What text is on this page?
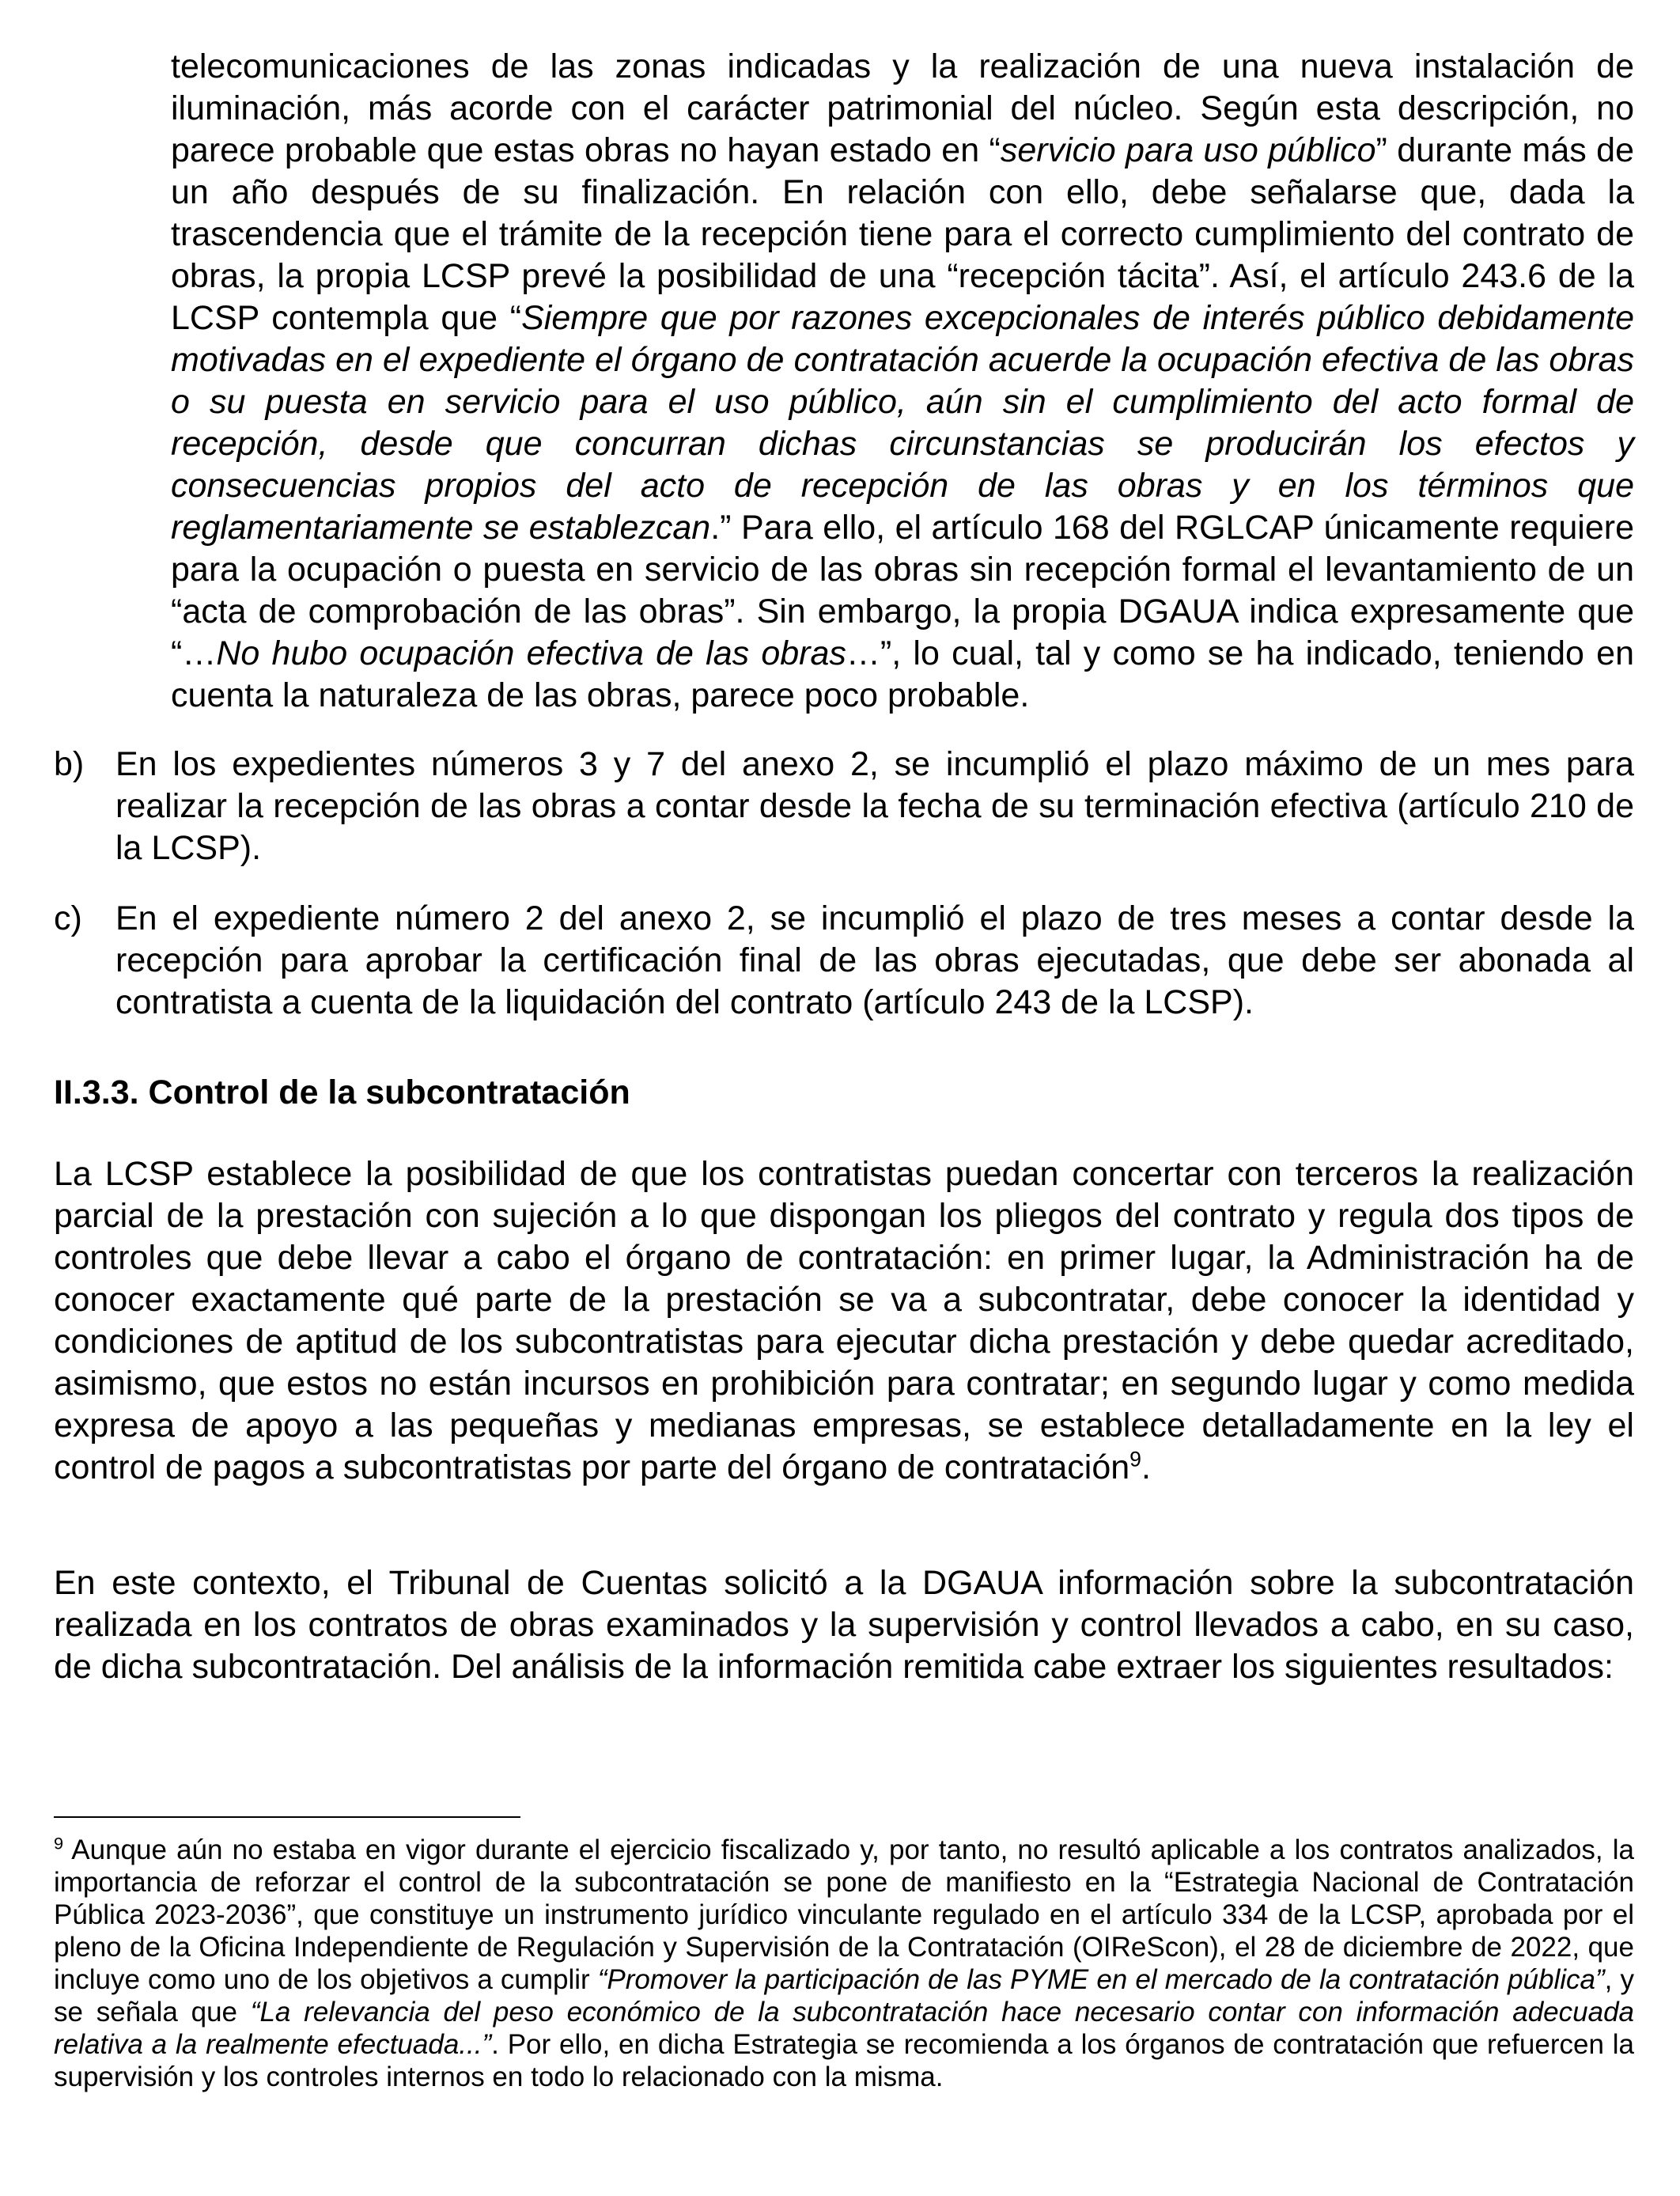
telecomunicaciones de las zonas indicadas y la realización de una nueva instalación de iluminación, más acorde con el carácter patrimonial del núcleo. Según esta descripción, no parece probable que estas obras no hayan estado en “servicio para uso público” durante más de un año después de su finalización. En relación con ello, debe señalarse que, dada la trascendencia que el trámite de la recepción tiene para el correcto cumplimiento del contrato de obras, la propia LCSP prevé la posibilidad de una “recepción tácita”. Así, el artículo 243.6 de la LCSP contempla que “Siempre que por razones excepcionales de interés público debidamente motivadas en el expediente el órgano de contratación acuerde la ocupación efectiva de las obras o su puesta en servicio para el uso público, aún sin el cumplimiento del acto formal de recepción, desde que concurran dichas circunstancias se producirán los efectos y consecuencias propios del acto de recepción de las obras y en los términos que reglamentariamente se establezcan.” Para ello, el artículo 168 del RGLCAP únicamente requiere para la ocupación o puesta en servicio de las obras sin recepción formal el levantamiento de un “acta de comprobación de las obras”. Sin embargo, la propia DGAUA indica expresamente que “…No hubo ocupación efectiva de las obras…”, lo cual, tal y como se ha indicado, teniendo en cuenta la naturaleza de las obras, parece poco probable.

b) En los expedientes números 3 y 7 del anexo 2, se incumplió el plazo máximo de un mes para realizar la recepción de las obras a contar desde la fecha de su terminación efectiva (artículo 210 de la LCSP).

c) En el expediente número 2 del anexo 2, se incumplió el plazo de tres meses a contar desde la recepción para aprobar la certificación final de las obras ejecutadas, que debe ser abonada al contratista a cuenta de la liquidación del contrato (artículo 243 de la LCSP).

II.3.3. Control de la subcontratación

La LCSP establece la posibilidad de que los contratistas puedan concertar con terceros la realización parcial de la prestación con sujeción a lo que dispongan los pliegos del contrato y regula dos tipos de controles que debe llevar a cabo el órgano de contratación: en primer lugar, la Administración ha de conocer exactamente qué parte de la prestación se va a subcontratar, debe conocer la identidad y condiciones de aptitud de los subcontratistas para ejecutar dicha prestación y debe quedar acreditado, asimismo, que estos no están incursos en prohibición para contratar; en segundo lugar y como medida expresa de apoyo a las pequeñas y medianas empresas, se establece detalladamente en la ley el control de pagos a subcontratistas por parte del órgano de contratación$^9$.

En este contexto, el Tribunal de Cuentas solicitó a la DGAUA información sobre la subcontratación realizada en los contratos de obras examinados y la supervisión y control llevados a cabo, en su caso, de dicha subcontratación. Del análisis de la información remitida cabe extraer los siguientes resultados:

$^9$ Aunque aún no estaba en vigor durante el ejercicio fiscalizado y, por tanto, no resultó aplicable a los contratos analizados, la importancia de reforzar el control de la subcontratación se pone de manifiesto en la “Estrategia Nacional de Contratación Pública 2023-2036”, que constituye un instrumento jurídico vinculante regulado en el artículo 334 de la LCSP, aprobada por el pleno de la Oficina Independiente de Regulación y Supervisión de la Contratación (OIReScon), el 28 de diciembre de 2022, que incluye como uno de los objetivos a cumplir “Promover la participación de las PYME en el mercado de la contratación pública”, y se señala que “La relevancia del peso económico de la subcontratación hace necesario contar con información adecuada relativa a la realmente efectuada...”. Por ello, en dicha Estrategia se recomienda a los órganos de contratación que refuercen la supervisión y los controles internos en todo lo relacionado con la misma.
